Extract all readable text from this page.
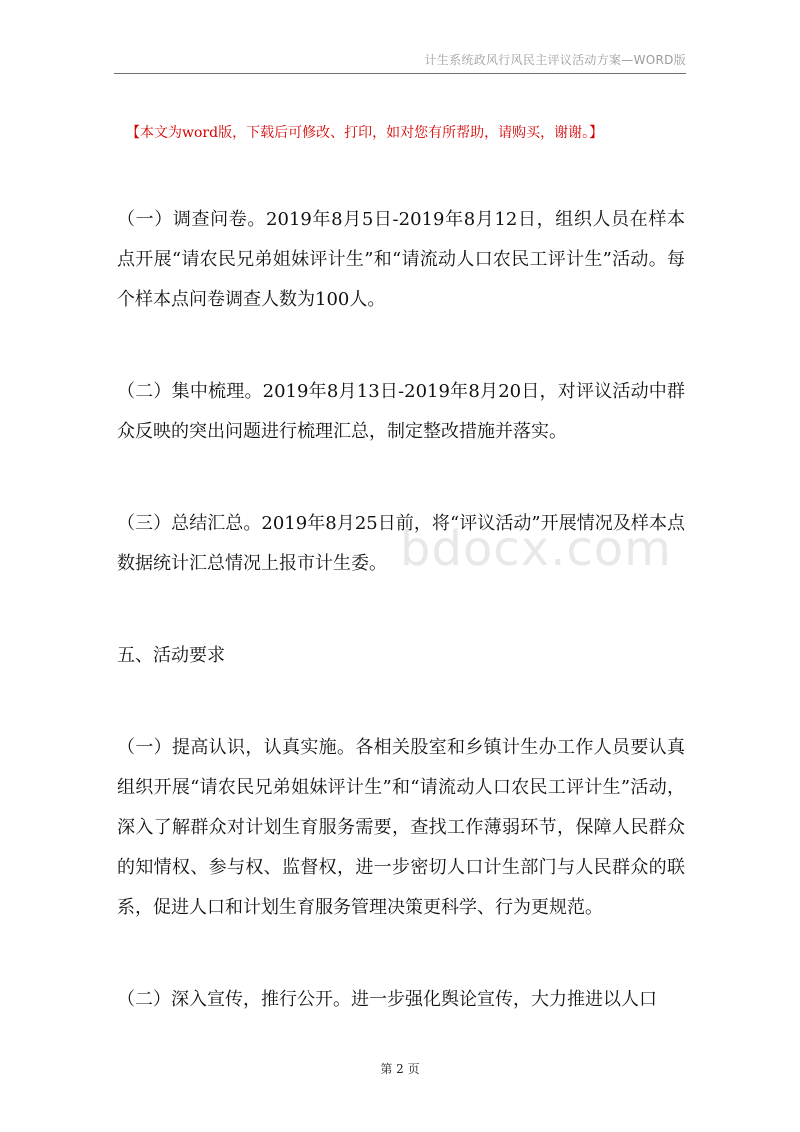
计生系统政风行风民主评议活动方案—WORD版
【本文为word版，下载后可修改、打印，如对您有所帮助，请购买，谢谢。】
bdocx.com

（一）调查问卷。2019年8月5日-2019年8月12日，组织人员在样本点开展“请农民兄弟姐妹评计生”和“请流动人口农民工评计生”活动。每个样本点问卷调查人数为100人。

（二）集中梳理。2019年8月13日-2019年8月20日，对评议活动中群众反映的突出问题进行梳理汇总，制定整改措施并落实。

（三）总结汇总。2019年8月25日前，将“评议活动”开展情况及样本点数据统计汇总情况上报市计生委。

五、活动要求

（一）提高认识，认真实施。各相关股室和乡镇计生办工作人员要认真组织开展“请农民兄弟姐妹评计生”和“请流动人口农民工评计生”活动，深入了解群众对计划生育服务需要，查找工作薄弱环节，保障人民群众的知情权、参与权、监督权，进一步密切人口计生部门与人民群众的联系，促进人口和计划生育服务管理决策更科学、行为更规范。

（二）深入宣传，推行公开。进一步强化舆论宣传，大力推进以人口

第 2 页
